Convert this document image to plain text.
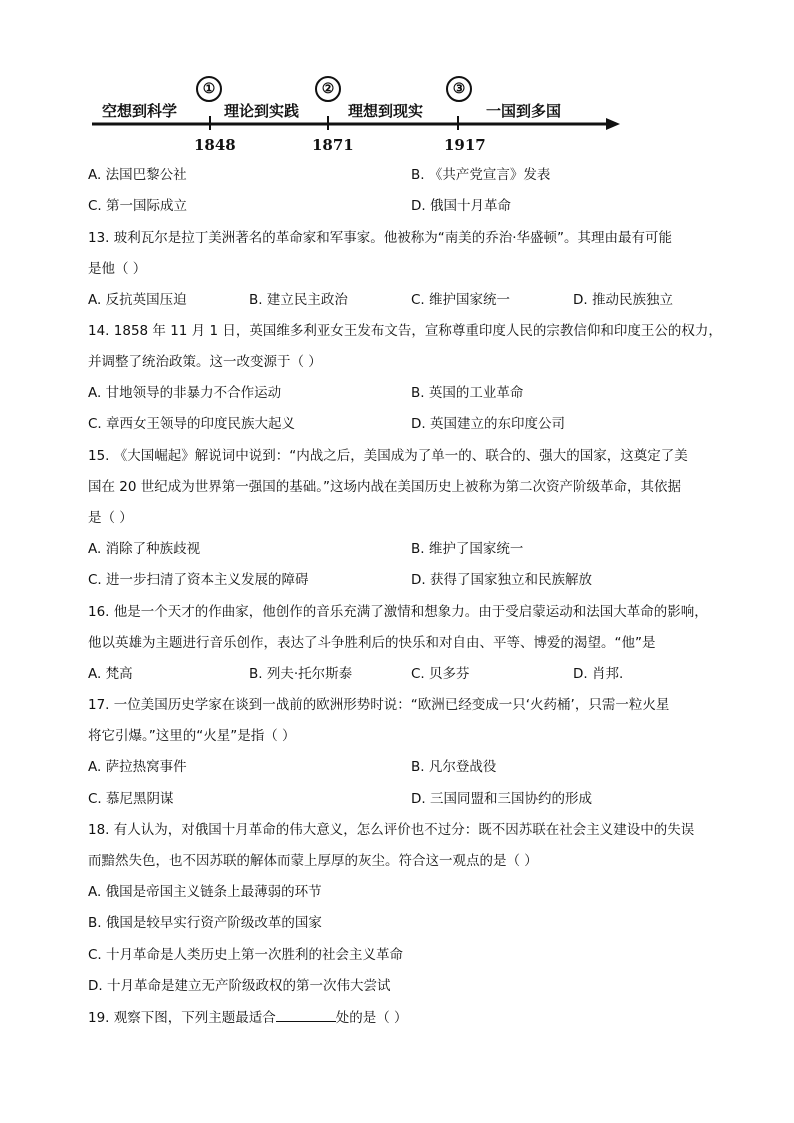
空想到科学	理论到实践	理想到现实	一国到多国
①	②	③
1848	1871	1917
A. 法国巴黎公社	B. 《共产党宣言》发表
C. 第一国际成立	D. 俄国十月革命
13. 玻利瓦尔是拉丁美洲著名的革命家和军事家。他被称为“南美的乔治·华盛顿”。其理由最有可能
是他（ ）
A. 反抗英国压迫	B. 建立民主政治	C. 维护国家统一	D. 推动民族独立
14. 1858 年 11 月 1 日，英国维多利亚女王发布文告，宣称尊重印度人民的宗教信仰和印度王公的权力，
并调整了统治政策。这一改变源于（ ）
A. 甘地领导的非暴力不合作运动	B. 英国的工业革命
C. 章西女王领导的印度民族大起义	D. 英国建立的东印度公司
15. 《大国崛起》解说词中说到：“内战之后，美国成为了单一的、联合的、强大的国家，这奠定了美
国在 20 世纪成为世界第一强国的基础。”这场内战在美国历史上被称为第二次资产阶级革命，其依据
是（ ）
A. 消除了种族歧视	B. 维护了国家统一
C. 进一步扫清了资本主义发展的障碍	D. 获得了国家独立和民族解放
16. 他是一个天才的作曲家，他创作的音乐充满了激情和想象力。由于受启蒙运动和法国大革命的影响，
他以英雄为主题进行音乐创作，表达了斗争胜利后的快乐和对自由、平等、博爱的渴望。“他”是
A. 梵高	B. 列夫·托尔斯泰	C. 贝多芬	D. 肖邦.
17. 一位美国历史学家在谈到一战前的欧洲形势时说：“欧洲已经变成一只‘火药桶’，只需一粒火星
将它引爆。”这里的“火星”是指（ ）
A. 萨拉热窝事件	B. 凡尔登战役
C. 慕尼黑阴谋	D. 三国同盟和三国协约的形成
18. 有人认为，对俄国十月革命的伟大意义，怎么评价也不过分：既不因苏联在社会主义建设中的失误
而黯然失色，也不因苏联的解体而蒙上厚厚的灰尘。符合这一观点的是（ ）
A. 俄国是帝国主义链条上最薄弱的环节
B. 俄国是较早实行资产阶级改革的国家
C. 十月革命是人类历史上第一次胜利的社会主义革命
D. 十月革命是建立无产阶级政权的第一次伟大尝试
19. 观察下图，下列主题最适合	处的是（ ）
